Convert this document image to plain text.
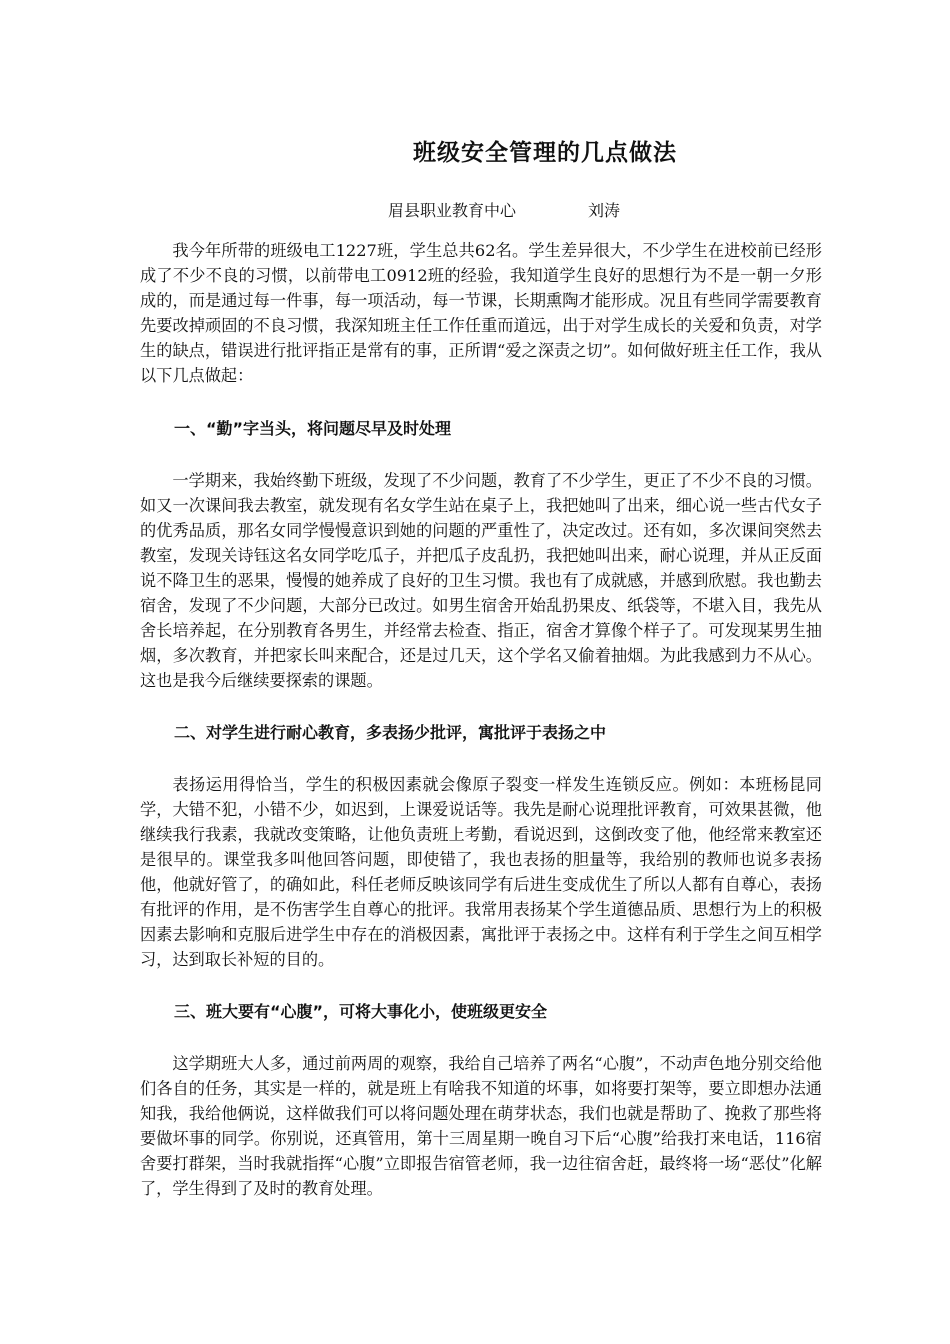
班级安全管理的几点做法
眉县职业教育中心	刘涛

我今年所带的班级电工1227班，学生总共62名。学生差异很大，不少学生在进校前已经形成了不少不良的习惯，以前带电工0912班的经验，我知道学生良好的思想行为不是一朝一夕形成的，而是通过每一件事，每一项活动，每一节课，长期熏陶才能形成。况且有些同学需要教育先要改掉顽固的不良习惯，我深知班主任工作任重而道远，出于对学生成长的关爱和负责，对学生的缺点，错误进行批评指正是常有的事，正所谓“爱之深责之切”。如何做好班主任工作，我从以下几点做起：

一、“勤”字当头，将问题尽早及时处理

一学期来，我始终勤下班级，发现了不少问题，教育了不少学生，更正了不少不良的习惯。如又一次课间我去教室，就发现有名女学生站在桌子上，我把她叫了出来，细心说一些古代女子的优秀品质，那名女同学慢慢意识到她的问题的严重性了，决定改过。还有如，多次课间突然去教室，发现关诗钰这名女同学吃瓜子，并把瓜子皮乱扔，我把她叫出来，耐心说理，并从正反面说不降卫生的恶果，慢慢的她养成了良好的卫生习惯。我也有了成就感，并感到欣慰。我也勤去宿舍，发现了不少问题，大部分已改过。如男生宿舍开始乱扔果皮、纸袋等，不堪入目，我先从舍长培养起，在分别教育各男生，并经常去检查、指正，宿舍才算像个样子了。可发现某男生抽烟，多次教育，并把家长叫来配合，还是过几天，这个学名又偷着抽烟。为此我感到力不从心。这也是我今后继续要探索的课题。

二、对学生进行耐心教育，多表扬少批评，寓批评于表扬之中

表扬运用得恰当，学生的积极因素就会像原子裂变一样发生连锁反应。例如：本班杨昆同学，大错不犯，小错不少，如迟到，上课爱说话等。我先是耐心说理批评教育，可效果甚微，他继续我行我素，我就改变策略，让他负责班上考勤，看说迟到，这倒改变了他，他经常来教室还是很早的。课堂我多叫他回答问题，即使错了，我也表扬的胆量等，我给别的教师也说多表扬他，他就好管了，的确如此，科任老师反映该同学有后进生变成优生了所以人都有自尊心，表扬有批评的作用，是不伤害学生自尊心的批评。我常用表扬某个学生道德品质、思想行为上的积极因素去影响和克服后进学生中存在的消极因素，寓批评于表扬之中。这样有利于学生之间互相学习，达到取长补短的目的。

三、班大要有“心腹”，可将大事化小，使班级更安全

这学期班大人多，通过前两周的观察，我给自己培养了两名“心腹”，不动声色地分别交给他们各自的任务，其实是一样的，就是班上有啥我不知道的坏事，如将要打架等，要立即想办法通知我，我给他俩说，这样做我们可以将问题处理在萌芽状态，我们也就是帮助了、挽救了那些将要做坏事的同学。你别说，还真管用，第十三周星期一晚自习下后“心腹”给我打来电话，116宿舍要打群架，当时我就指挥“心腹”立即报告宿管老师，我一边往宿舍赶，最终将一场“恶仗”化解了，学生得到了及时的教育处理。
